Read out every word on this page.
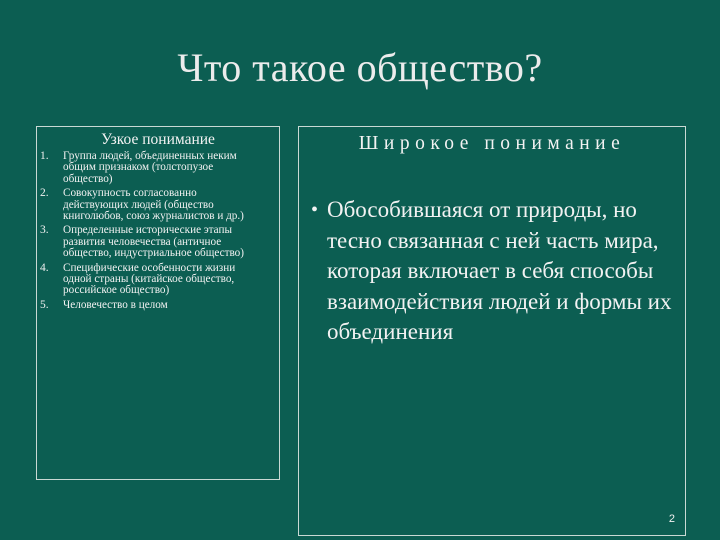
Что такое общество?

Узкое понимание

Группа людей, объединенных неким общим признаком (толстопузое общество)
Совокупность согласованно действующих людей (общество книголюбов, союз журналистов и др.)
Определенные исторические этапы развития человечества (античное общество, индустриальное общество)
Специфические особенности жизни одной страны (китайское общество, российское общество)
Человечество в целом

Широкое понимание

• Обособившаяся от природы, но тесно связанная с ней часть мира, которая включает в себя способы взаимодействия людей и формы их объединения
2
